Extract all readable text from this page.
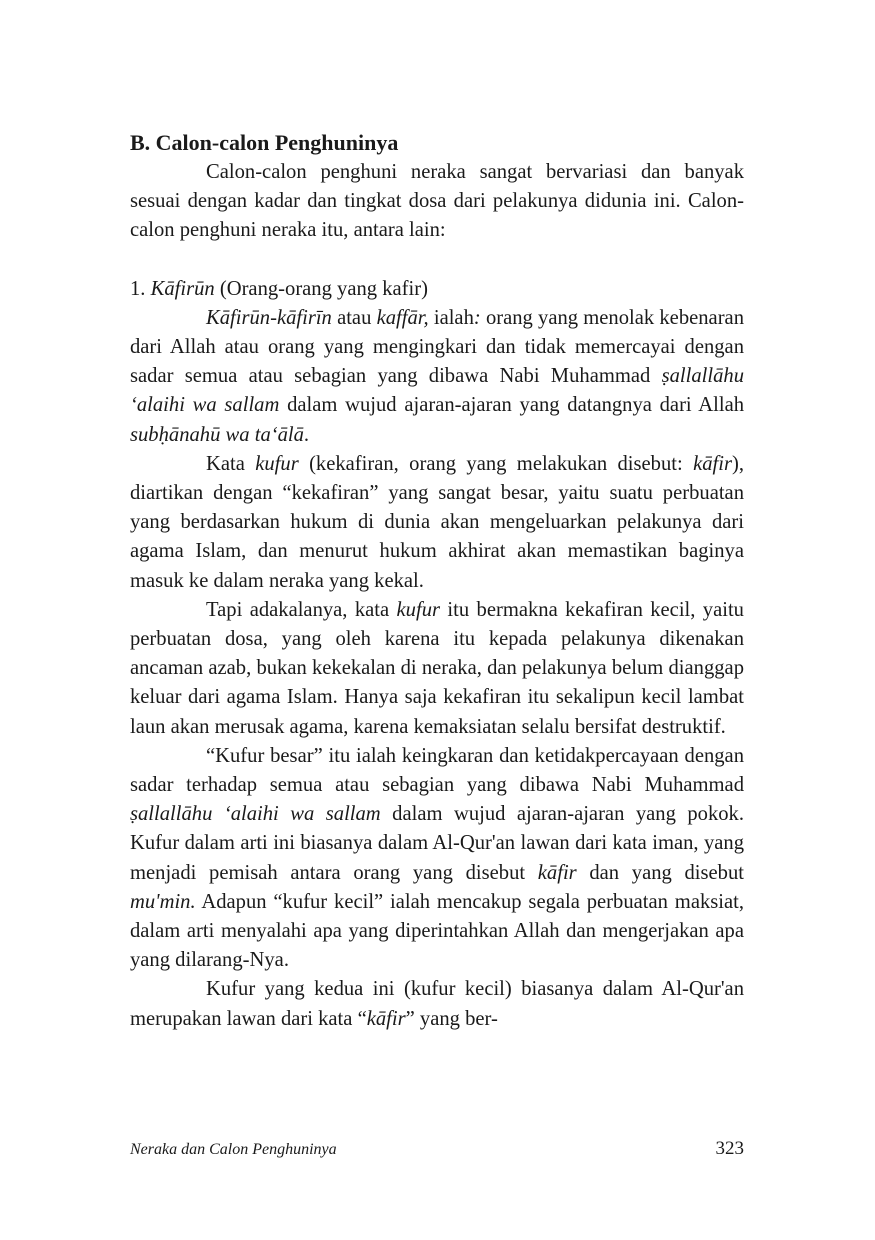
B. Calon-calon Penghuninya

Calon-calon penghuni neraka sangat bervariasi dan banyak sesuai dengan kadar dan tingkat dosa dari pelakunya didunia ini. Calon-calon penghuni neraka itu, antara lain:

1. Kāfirūn (Orang-orang yang kafir)

Kāfirūn-kāfirīn atau kaffār, ialah: orang yang menolak kebenaran dari Allah atau orang yang mengingkari dan tidak memercayai dengan sadar semua atau sebagian yang dibawa Nabi Muhammad ṣallallāhu ‘alaihi wa sallam dalam wujud ajaran-ajaran yang datangnya dari Allah subḥānahū wa ta‘ālā.

Kata kufur (kekafiran, orang yang melakukan disebut: kāfir), diartikan dengan “kekafiran” yang sangat besar, yaitu suatu perbuatan yang berdasarkan hukum di dunia akan mengeluarkan pelakunya dari agama Islam, dan menurut hukum akhirat akan memastikan baginya masuk ke dalam neraka yang kekal.

Tapi adakalanya, kata kufur itu bermakna kekafiran kecil, yaitu perbuatan dosa, yang oleh karena itu kepada pelakunya dikenakan ancaman azab, bukan kekekalan di neraka, dan pelakunya belum dianggap keluar dari agama Islam. Hanya saja kekafiran itu sekalipun kecil lambat laun akan merusak agama, karena kemaksiatan selalu bersifat destruktif.

“Kufur besar” itu ialah keingkaran dan ketidakpercayaan dengan sadar terhadap semua atau sebagian yang dibawa Nabi Muhammad ṣallallāhu ‘alaihi wa sallam dalam wujud ajaran-ajaran yang pokok. Kufur dalam arti ini biasanya dalam Al-Qur'an lawan dari kata iman, yang menjadi pemisah antara orang yang disebut kāfir dan yang disebut mu'min. Adapun “kufur kecil” ialah mencakup segala perbuatan maksiat, dalam arti menyalahi apa yang diperintahkan Allah dan mengerjakan apa yang dilarang-Nya.

Kufur yang kedua ini (kufur kecil) biasanya dalam Al-Qur'an merupakan lawan dari kata “kāfir” yang ber-

Neraka dan Calon Penghuninya	323
